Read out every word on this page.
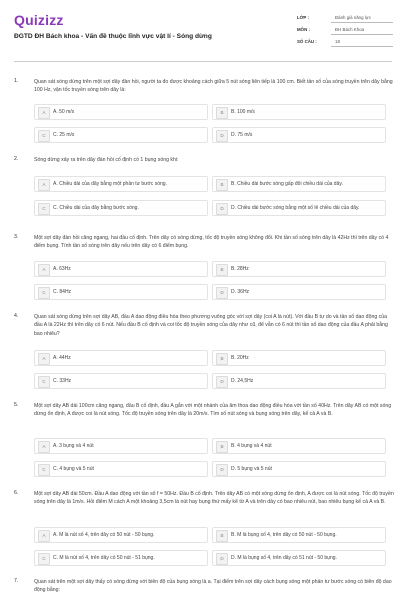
Quizizz
ĐGTD ĐH Bách khoa - Vấn đề thuộc lĩnh vực vật lí - Sóng dừng
LỚP :	Đánh giá năng lực
MÔN :	ĐH Bách Khoa
SỐ CÂU :	18
1.	Quan sát sóng dừng trên một sợi dây đàn hồi, người ta đo được khoảng cách giữa 5 nút sóng liên tiếp là 100 cm. Biết tần số của sóng truyền trên dây bằng 100 Hz, vận tốc truyền sóng trên dây là:
A	A. 50 m/s	B	B. 100 m/s
C	C. 25 m/s	D	D. 75 m/s
2.	Sóng dừng xảy ra trên dây đàn hồi cố định có 1 bụng sóng khi:
A	A. Chiều dài của dây bằng một phần tư bước sóng.	B	B. Chiều dài bước sóng gấp đôi chiều dài của dây.
C	C. Chiều dài của dây bằng bước sóng.	D	D. Chiều dài bước sóng bằng một số lẻ chiều dài của dây.
3.	Một sợi dây đàn hồi căng ngang, hai đầu cố định. Trên dây có sóng dừng, tốc độ truyền sóng không đổi. Khi tần số sóng trên dây là 42Hz thì trên dây có 4 điểm bụng. Tính tần số sóng trên dây nếu trên dây có 6 điểm bụng.
A	A. 63Hz	B	B. 28Hz
C	C. 84Hz	D	D. 36Hz
4.	Quan sát sóng dừng trên sợi dây AB, đầu A dao động điều hòa theo phương vuông góc với sợi dây (coi A là nút). Với đầu B tự do và tần số dao động của đầu A là 22Hz thì trên dây có 6 nút. Nếu đầu B cố định và coi tốc độ truyền sóng của dây như cũ, để vẫn có 6 nút thì tần số dao động của đầu A phải bằng bao nhiêu?
A	A. 44Hz	B	B. 20Hz
C	C. 33Hz	D	D. 24,5Hz
5.	Một sợi dây AB dài 100cm căng ngang, đầu B cố định, đầu A gắn với một nhánh của âm thoa dao động điều hòa với tần số 40Hz. Trên dây AB có một sóng dừng ổn định, A được coi là nút sóng. Tốc độ truyền sóng trên dây là 20m/s. Tìm số nút sóng và bụng sóng trên dây, kể cả A và B.
A	A. 3 bụng và 4 nút	B	B. 4 bụng và 4 nút
C	C. 4 bụng và 5 nút	D	D. 5 bụng và 5 nút
6.	Một sợi dây AB dài 50cm. Đầu A dao động với tần số f = 50Hz. Đầu B cố định. Trên dây AB có một sóng dừng ổn định, A được coi là nút sóng. Tốc độ truyền sóng trên dây là 1m/s. Hỏi điểm M cách A một khoảng 3,5cm là nút hay bụng thứ mấy kể từ A và trên dây có bao nhiêu nút, bao nhiêu bụng kể cả A và B.
A	A. M là nút số 4, trên dây có 50 nút - 50 bụng.	B	B. M là bụng số 4, trên dây có 50 nút - 50 bụng.
C	C. M là nút số 4, trên dây có 50 nút - 51 bụng.	D	D. M là bụng số 4, trên dây có 51 nút - 50 bụng.
7.	Quan sát trên một sợi dây thấy có sóng dừng với biên độ của bụng sóng là a. Tại điểm trên sợi dây cách bụng sóng một phần tư bước sóng có biên độ dao động bằng:
